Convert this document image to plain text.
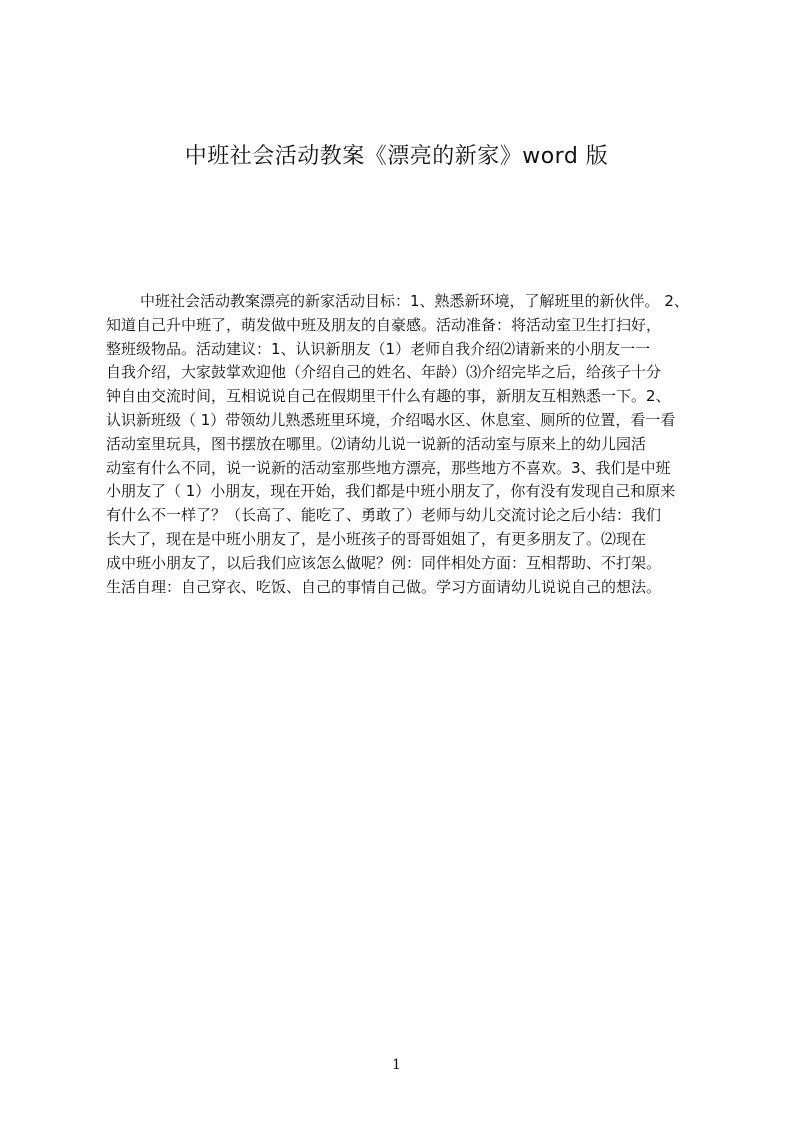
中班社会活动教案《漂亮的新家》word 版
中班社会活动教案漂亮的新家活动目标：1、熟悉新环境，了解班里的新伙伴。 2、
知道自己升中班了，萌发做中班及朋友的自豪感。活动准备：将活动室卫生打扫好，
整班级物品。活动建议：1、认识新朋友（1）老师自我介绍⑵请新来的小朋友一一
自我介绍，大家鼓掌欢迎他（介绍自己的姓名、年龄）⑶介绍完毕之后，给孩子十分
钟自由交流时间，互相说说自己在假期里干什么有趣的事，新朋友互相熟悉一下。2、
认识新班级（ 1）带领幼儿熟悉班里环境，介绍喝水区、休息室、厕所的位置，看一看
活动室里玩具，图书摆放在哪里。⑵请幼儿说一说新的活动室与原来上的幼儿园活
动室有什么不同，说一说新的活动室那些地方漂亮，那些地方不喜欢。3、我们是中班
小朋友了（ 1）小朋友，现在开始，我们都是中班小朋友了，你有没有发现自己和原来
有什么不一样了？（长高了、能吃了、勇敢了）老师与幼儿交流讨论之后小结：我们
长大了，现在是中班小朋友了，是小班孩子的哥哥姐姐了，有更多朋友了。⑵现在
成中班小朋友了，以后我们应该怎么做呢？例：同伴相处方面：互相帮助、不打架。
生活自理：自己穿衣、吃饭、自己的事情自己做。学习方面请幼儿说说自己的想法。
1
